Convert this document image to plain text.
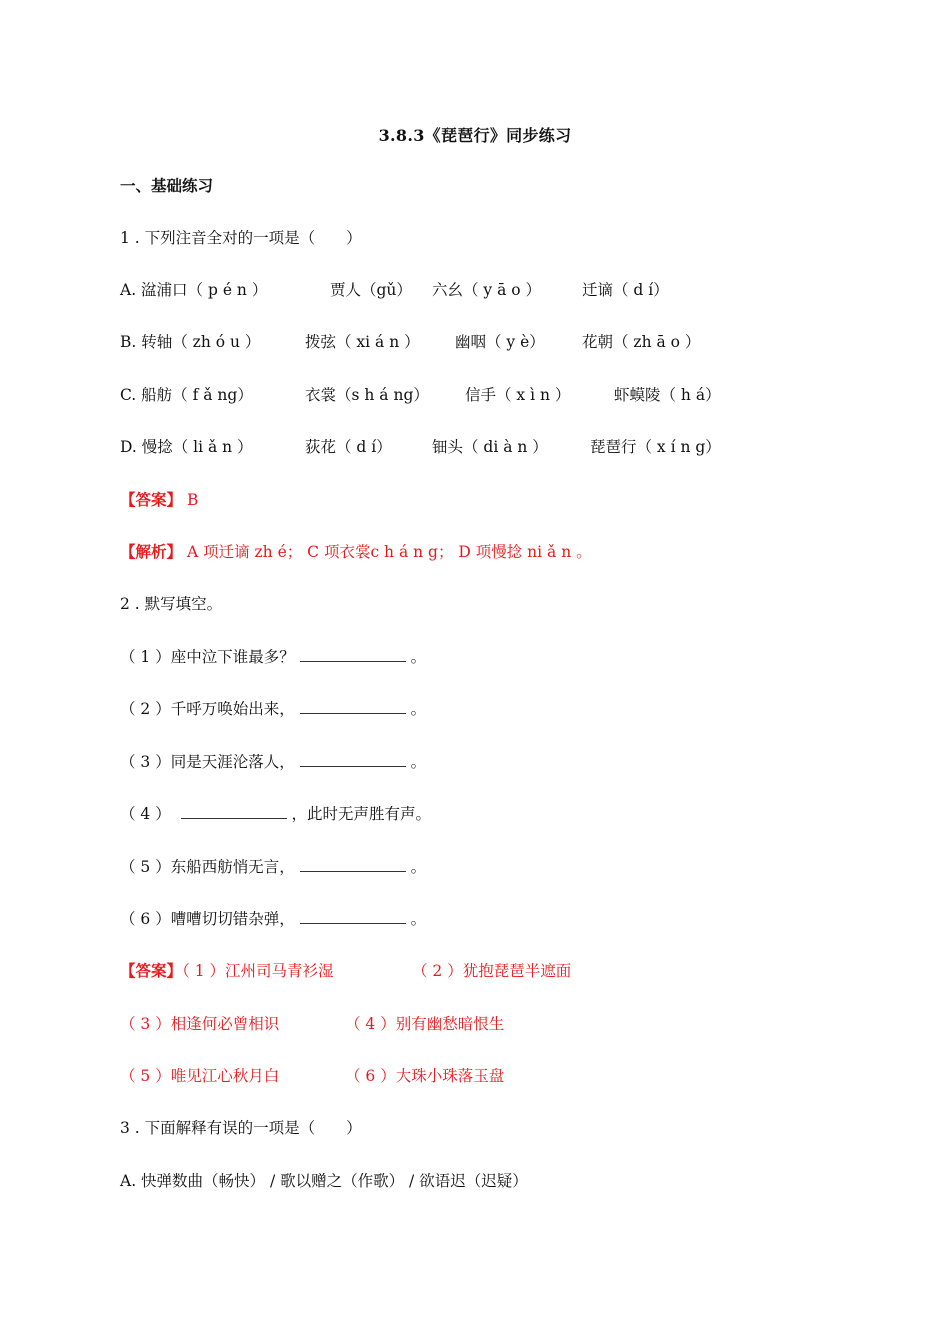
3.8.3《琵琶行》同步练习
一、基础练习
1 . 下列注音全对的一项是（　　）
A. 湓浦口（ p é n ）	贾人（gǔ） 六幺（ y ā o ）	迁谪（ d í）
B. 转轴（ zh ó u ）	拨弦（ xi á n ） 幽咽（ y è） 花朝（ zh ā o ）
C. 船舫（ f ǎ ng）	衣裳（s h á ng） 信手（ x ì n ）	虾蟆陵（ h á）
D. 慢捻（ li ǎ n ）	荻花（ d í）	钿头（ di à n ）	琵琶行（ x í n g）
【答案】 B
【解析】 A 项迁谪 zh é； C 项衣裳c h á n g； D 项慢捻 ni ǎ n 。
2 . 默写填空。
（ 1 ）座中泣下谁最多？	。
（ 2 ）千呼万唤始出来，	。
（ 3 ）同是天涯沦落人，	。
（ 4 ）	，此时无声胜有声。
（ 5 ）东船西舫悄无言，	。
（ 6 ）嘈嘈切切错杂弹，	。
【答案】（ 1 ）江州司马青衫湿	（ 2 ）犹抱琵琶半遮面
（ 3 ）相逢何必曾相识	（ 4 ）别有幽愁暗恨生
（ 5 ）唯见江心秋月白	（ 6 ）大珠小珠落玉盘
3 . 下面解释有误的一项是（　　）
A. 快弹数曲（畅快） / 歌以赠之（作歌） / 欲语迟（迟疑）
